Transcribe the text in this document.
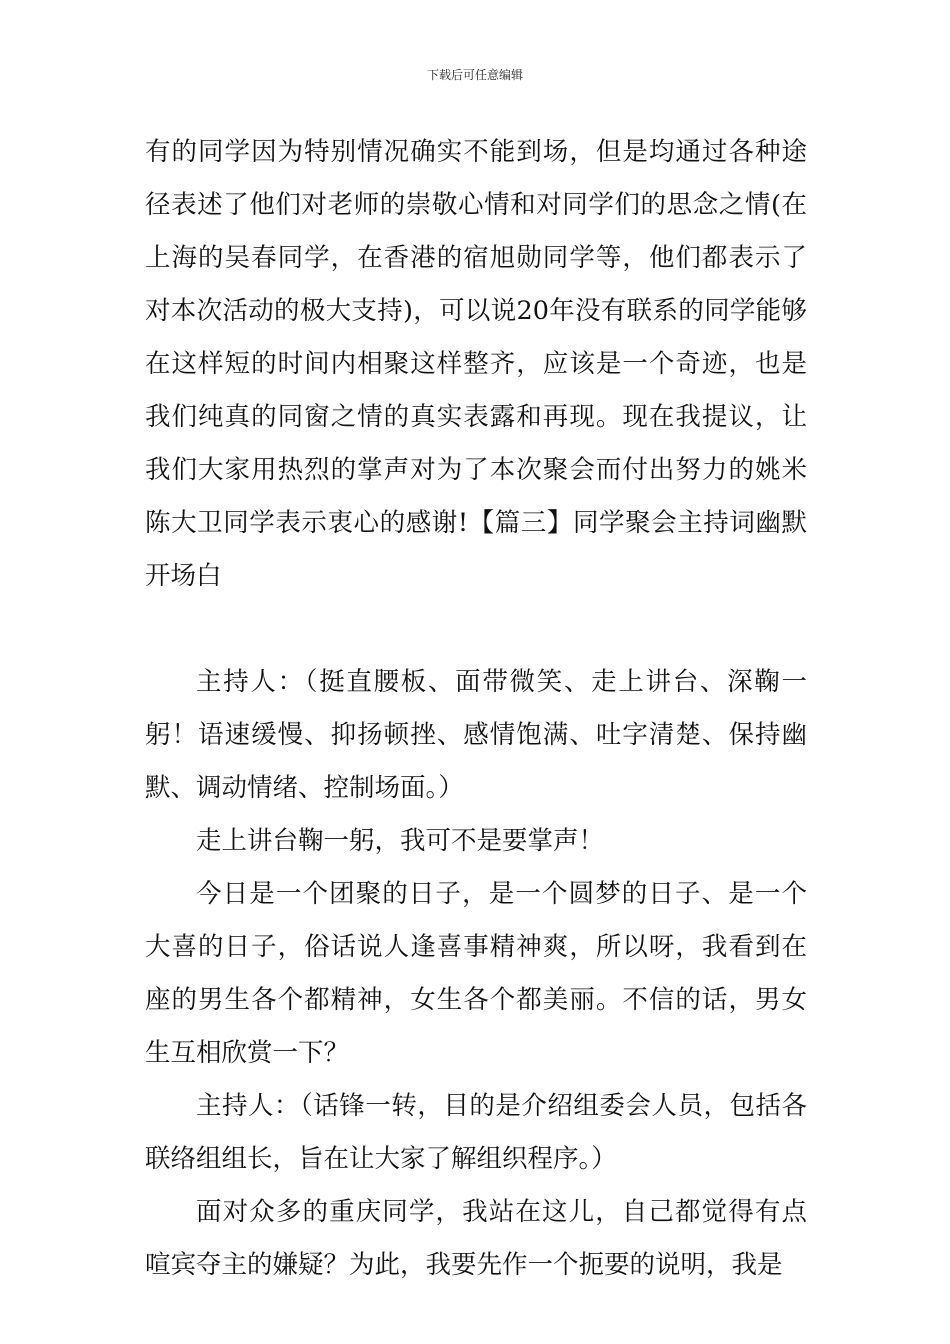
下载后可任意编辑

有的同学因为特别情况确实不能到场，但是均通过各种途径表述了他们对老师的崇敬心情和对同学们的思念之情(在上海的吴春同学，在香港的宿旭勋同学等，他们都表示了对本次活动的极大支持)，可以说20年没有联系的同学能够在这样短的时间内相聚这样整齐，应该是一个奇迹，也是我们纯真的同窗之情的真实表露和再现。现在我提议，让我们大家用热烈的掌声对为了本次聚会而付出努力的姚米陈大卫同学表示衷心的感谢!【篇三】同学聚会主持词幽默开场白

主持人：（挺直腰板、面带微笑、走上讲台、深鞠一躬！语速缓慢、抑扬顿挫、感情饱满、吐字清楚、保持幽默、调动情绪、控制场面。）

走上讲台鞠一躬，我可不是要掌声！

今日是一个团聚的日子，是一个圆梦的日子、是一个大喜的日子，俗话说人逢喜事精神爽，所以呀，我看到在座的男生各个都精神，女生各个都美丽。不信的话，男女生互相欣赏一下？

主持人：（话锋一转，目的是介绍组委会人员，包括各联络组组长，旨在让大家了解组织程序。）

面对众多的重庆同学，我站在这儿，自己都觉得有点喧宾夺主的嫌疑？为此，我要先作一个扼要的说明，我是
